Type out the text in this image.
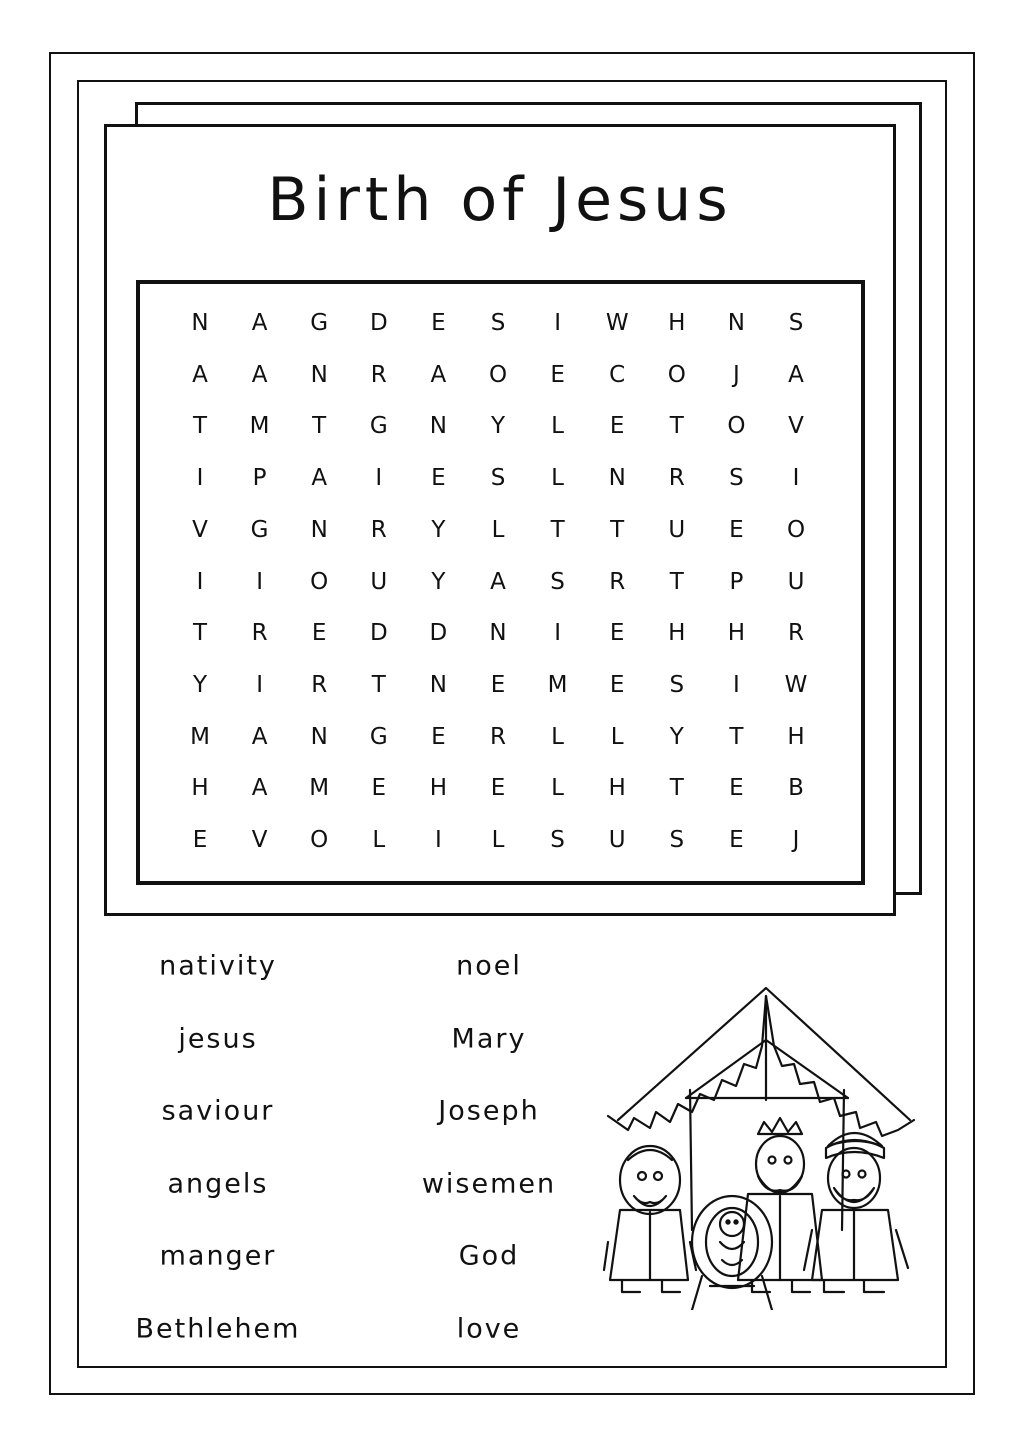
Birth of Jesus
N	A	G	D	E	S	I	W	H	N	S
A	A	N	R	A	O	E	C	O	J	A
T	M	T	G	N	Y	L	E	T	O	V
I	P	A	I	E	S	L	N	R	S	I
V	G	N	R	Y	L	T	T	U	E	O
I	I	O	U	Y	A	S	R	T	P	U
T	R	E	D	D	N	I	E	H	H	R
Y	I	R	T	N	E	M	E	S	I	W
M	A	N	G	E	R	L	L	Y	T	H
H	A	M	E	H	E	L	H	T	E	B
E	V	O	L	I	L	S	U	S	E	J
nativity
jesus
saviour
angels
manger
Bethlehem
noel
Mary
Joseph
wisemen
God
love
